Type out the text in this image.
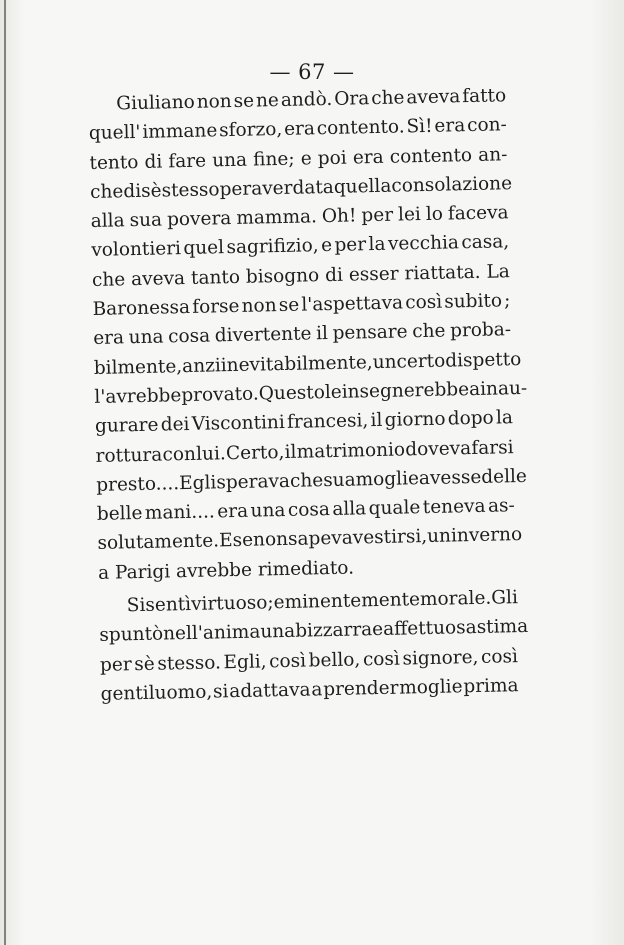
— 67 —
Giuliano non se ne andò. Ora che aveva fatto
quell' immane sforzo, era contento. Sì! era con-
tento di fare una fine; e poi era contento an-
che di sè stesso per aver data quella consolazione
alla sua povera mamma. Oh! per lei lo faceva
volontieri quel sagrifizio, e per la vecchia casa,
che aveva tanto bisogno di esser riattata. La
Baronessa forse non se l'aspettava così subito ;
era una cosa divertente il pensare che proba-
bilmente, anzi inevitabilmente, un certo dispetto
l'avrebbe provato. Questo le insegnerebbe a inau-
gurare dei Viscontini francesi, il giorno dopo la
rottura con lui. Certo, il matrimonio doveva farsi
presto.... Egli sperava che sua moglie avesse delle
belle mani.... era una cosa alla quale teneva as-
solutamente. E se non sapeva vestirsi, un inverno
a Parigi avrebbe rimediato.
Si sentì virtuoso; eminentemente morale. Gli
spuntò nell'anima una bizzarra e affettuosa stima
per sè stesso. Egli, così bello, così signore, così
gentiluomo, si adattava a prender moglie prima
